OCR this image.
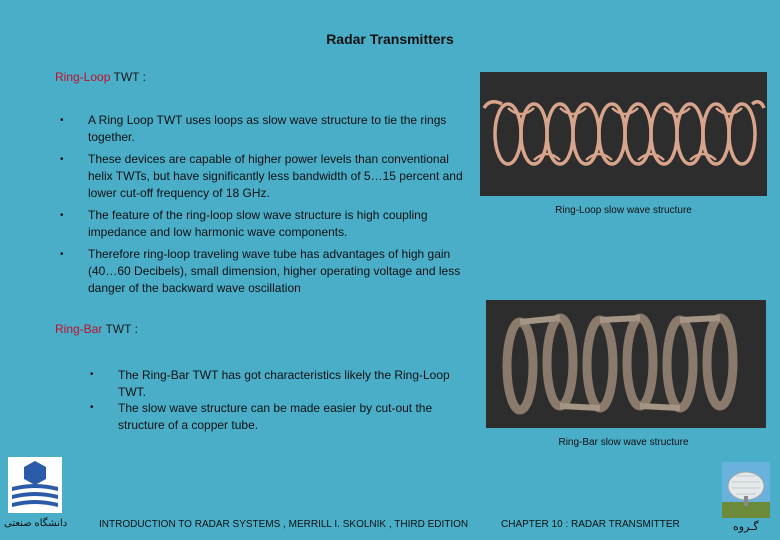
Radar Transmitters
Ring-Loop TWT :
• A Ring Loop TWT uses loops as slow wave structure to tie the rings together.
• These devices are capable of higher power levels than conventional helix TWTs, but have significantly less bandwidth of 5…15 percent and lower cut-off frequency of 18 GHz.
• The feature of the ring-loop slow wave structure is high coupling impedance and low harmonic wave components.
• Therefore ring-loop traveling wave tube has advantages of high gain (40…60 Decibels), small dimension, higher operating voltage and less danger of the backward wave oscillation
Ring-Bar TWT :
• The Ring-Bar TWT has got characteristics likely the Ring-Loop TWT.
• The slow wave structure can be made easier by cut-out the structure of a copper tube.
Ring-Loop slow wave structure
Ring-Bar slow wave structure
دانشگاه صنعتی	INTRODUCTION TO RADAR SYSTEMS , MERRILL I. SKOLNIK , THIRD EDITION	CHAPTER 10 : RADAR TRANSMITTER	گـروه
